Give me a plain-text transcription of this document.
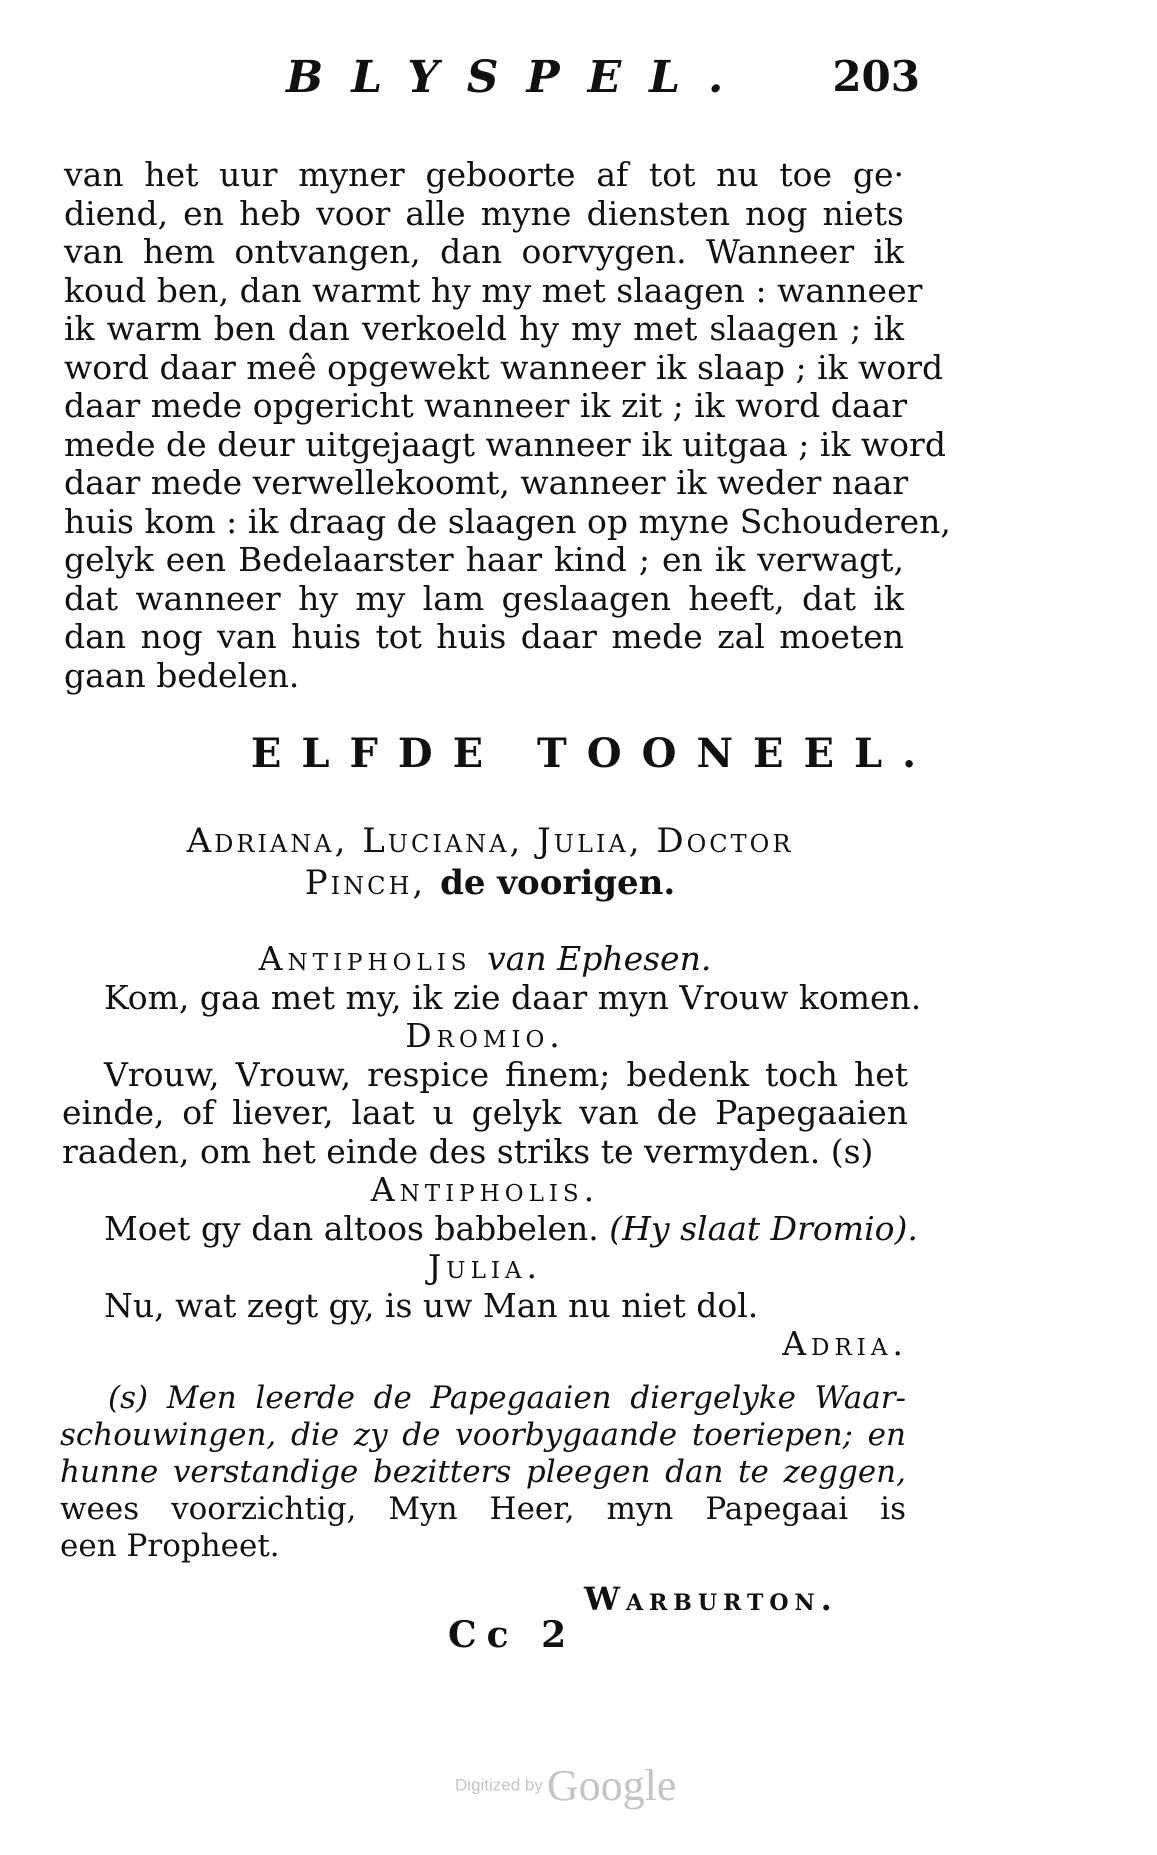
BLYSPEL. 203
van het uur myner geboorte af tot nu toe ge·
diend, en heb voor alle myne diensten nog niets
van hem ontvangen, dan oorvygen. Wanneer ik
koud ben, dan warmt hy my met slaagen : wanneer
ik warm ben dan verkoeld hy my met slaagen ; ik
word daar meê opgewekt wanneer ik slaap ; ik word
daar mede opgericht wanneer ik zit ; ik word daar
mede de deur uitgejaagt wanneer ik uitgaa ; ik word
daar mede verwellekoomt, wanneer ik weder naar
huis kom : ik draag de slaagen op myne Schouderen,
gelyk een Bedelaarster haar kind ; en ik verwagt,
dat wanneer hy my lam geslaagen heeft, dat ik
dan nog van huis tot huis daar mede zal moeten
gaan bedelen.
ELFDE TOONEEL.
Adriana, Luciana, Julia, Doctor
Pinch, de voorigen.
Antipholis van Ephesen.
Kom, gaa met my, ik zie daar myn Vrouw komen.
Dromio.
Vrouw, Vrouw, respice finem; bedenk toch het
einde, of liever, laat u gelyk van de Papegaaien
raaden, om het einde des striks te vermyden. (s)
Antipholis.
Moet gy dan altoos babbelen. (Hy slaat Dromio).
Julia.
Nu, wat zegt gy, is uw Man nu niet dol.
Adria.
(s) Men leerde de Papegaaien diergelyke Waar-
schouwingen, die zy de voorbygaande toeriepen; en
hunne verstandige bezitters pleegen dan te zeggen,
wees voorzichtig, Myn Heer, myn Papegaai is
een Propheet.
Warburton.
Cc 2
Digitized by Google
